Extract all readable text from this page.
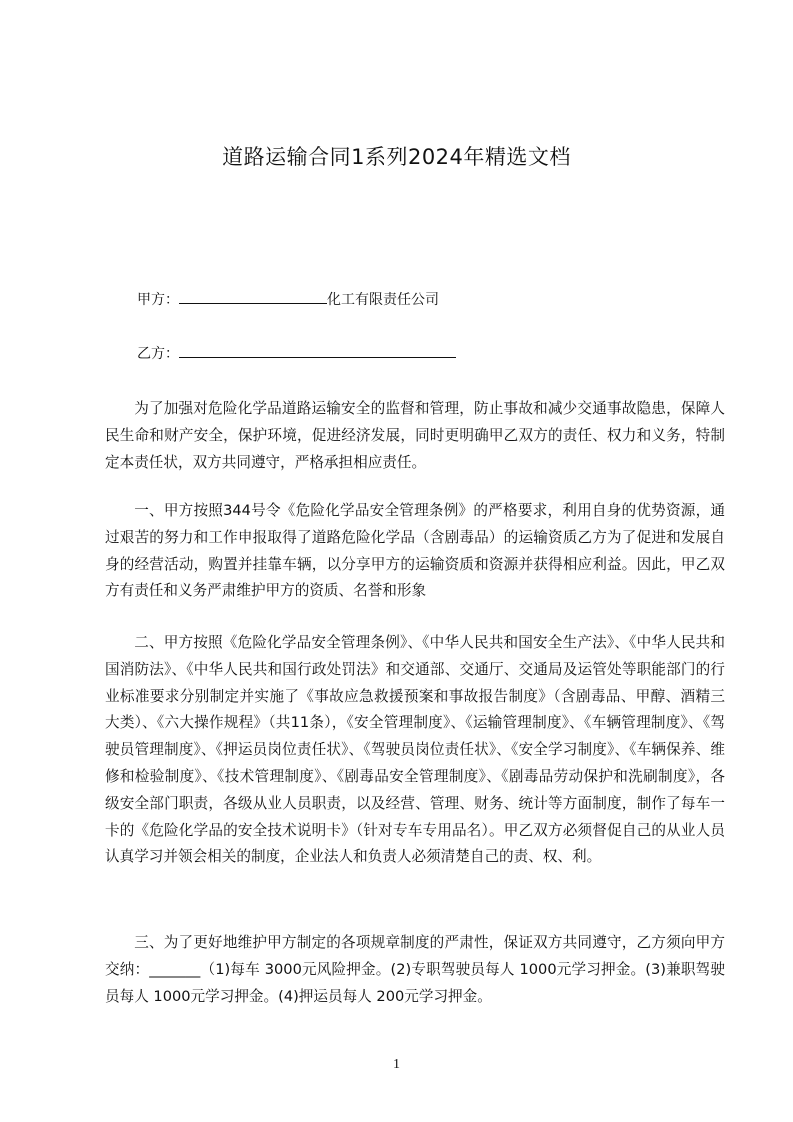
道路运输合同1系列2024年精选文档
甲方：	化工有限责任公司
乙方：

为了加强对危险化学品道路运输安全的监督和管理，防止事故和减少交通事故隐患，保障人民生命和财产安全，保护环境，促进经济发展，同时更明确甲乙双方的责任、权力和义务，特制定本责任状，双方共同遵守，严格承担相应责任。

一、甲方按照344号令《危险化学品安全管理条例》的严格要求，利用自身的优势资源，通过艰苦的努力和工作申报取得了道路危险化学品（含剧毒品）的运输资质乙方为了促进和发展自身的经营活动，购置并挂靠车辆，以分享甲方的运输资质和资源并获得相应利益。因此，甲乙双方有责任和义务严肃维护甲方的资质、名誉和形象

二、甲方按照《危险化学品安全管理条例》、《中华人民共和国安全生产法》、《中华人民共和国消防法》、《中华人民共和国行政处罚法》和交通部、交通厅、交通局及运管处等职能部门的行业标准要求分别制定并实施了《事故应急救援预案和事故报告制度》（含剧毒品、甲醇、酒精三大类）、《六大操作规程》（共11条），《安全管理制度》、《运输管理制度》、《车辆管理制度》、《驾驶员管理制度》、《押运员岗位责任状》、《驾驶员岗位责任状》、《安全学习制度》、《车辆保养、维修和检验制度》、《技术管理制度》、《剧毒品安全管理制度》、《剧毒品劳动保护和洗刷制度》，各级安全部门职责，各级从业人员职责，以及经营、管理、财务、统计等方面制度，制作了每车一卡的《危险化学品的安全技术说明卡》（针对专车专用品名）。甲乙双方必须督促自己的从业人员认真学习并领会相关的制度，企业法人和负责人必须清楚自己的责、权、利。

三、为了更好地维护甲方制定的各项规章制度的严肃性，保证双方共同遵守，乙方须向甲方交纳：_______（1)每车 3000元风险押金。(2)专职驾驶员每人 1000元学习押金。(3)兼职驾驶员每人 1000元学习押金。(4)押运员每人 200元学习押金。

1
